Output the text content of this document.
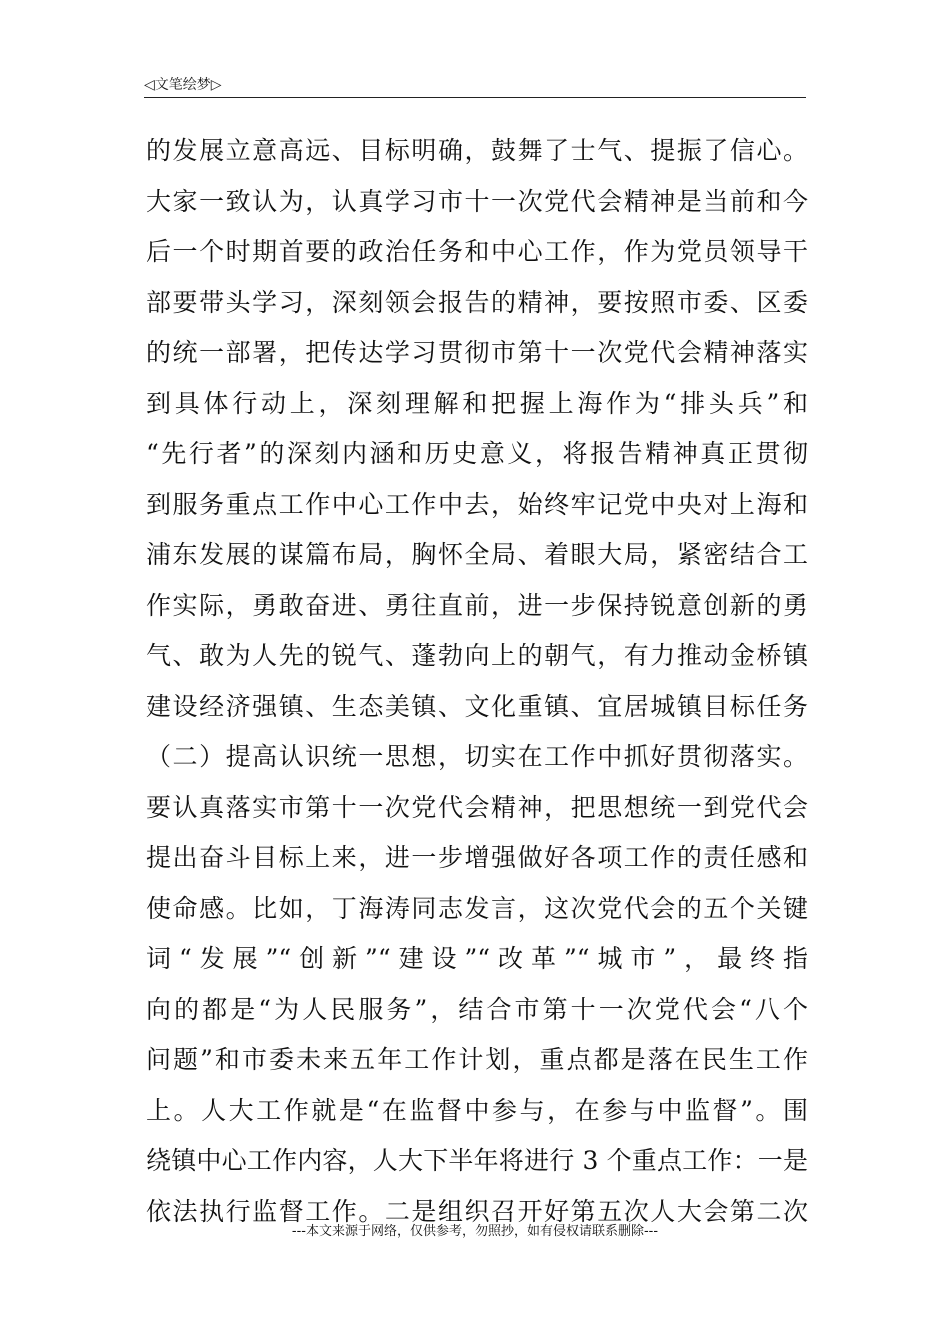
◁文笔绘梦▷
的发展立意高远、目标明确，鼓舞了士气、提振了信心。
大家一致认为，认真学习市十一次党代会精神是当前和今
后一个时期首要的政治任务和中心工作，作为党员领导干
部要带头学习，深刻领会报告的精神，要按照市委、区委
的统一部署，把传达学习贯彻市第十一次党代会精神落实
到具体行动上，深刻理解和把握上海作为“排头兵”和
“先行者”的深刻内涵和历史意义，将报告精神真正贯彻
到服务重点工作中心工作中去，始终牢记党中央对上海和
浦东发展的谋篇布局，胸怀全局、着眼大局，紧密结合工
作实际，勇敢奋进、勇往直前，进一步保持锐意创新的勇
气、敢为人先的锐气、蓬勃向上的朝气，有力推动金桥镇
建设经济强镇、生态美镇、文化重镇、宜居城镇目标任务
（二）提高认识统一思想，切实在工作中抓好贯彻落实。
要认真落实市第十一次党代会精神，把思想统一到党代会
提出奋斗目标上来，进一步增强做好各项工作的责任感和
使命感。比如，丁海涛同志发言，这次党代会的五个关键
词“发展”“创新”“建设”“改革”“城市”，最终指
向的都是“为人民服务”，结合市第十一次党代会“八个
问题”和市委未来五年工作计划，重点都是落在民生工作
上。人大工作就是“在监督中参与，在参与中监督”。围
绕镇中心工作内容，人大下半年将进行 3 个重点工作：一是
依法执行监督工作。二是组织召开好第五次人大会第二次
---本文来源于网络，仅供参考，勿照抄，如有侵权请联系删除---
